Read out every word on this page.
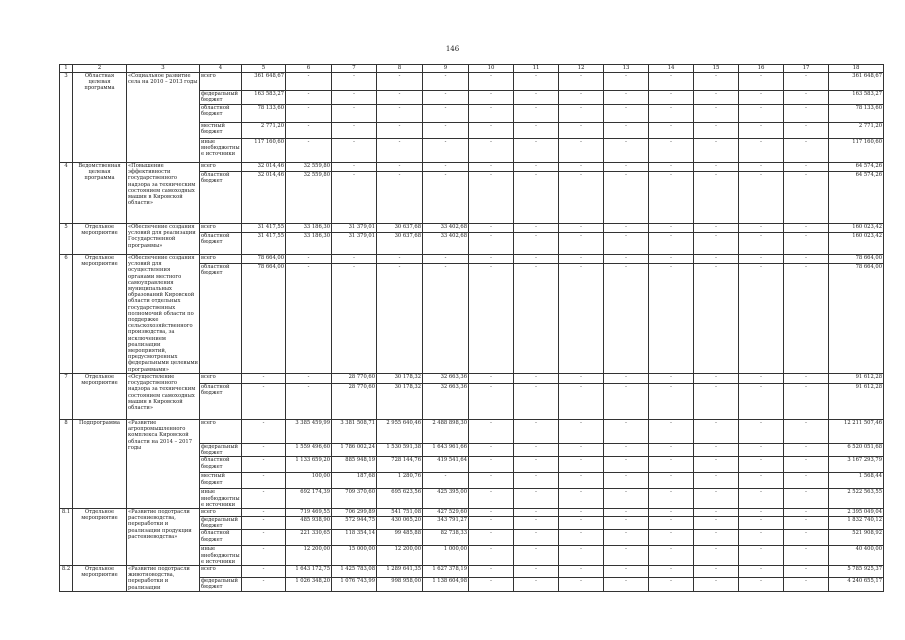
146
1	2	3	4	5	6	7	8	9	10	11	12	13	14	15	16	17	18
3	Областная целевая программа	«Социальное развитие села на 2010 – 2013 годы	всего	361 648,67	-	-	-	-	-	-	-	-	-	-	-	-	361 648,67
			федеральный бюджет	163 583,27	-	-	-	-	-	-	-	-	-	-	-	-	163 583,27
			областной бюджет	78 133,60	-	-	-	-	-	-	-	-	-	-	-	-	78 133,60
			местный бюджет	2 771,20	-	-	-	-	-	-	-	-	-	-	-	-	2 771,20
			иные внебюджетные источники	117 160,60	-	-	-	-	-	-	-	-	-	-	-	-	117 160,60
4	Ведомственная целевая программа	«Повышение эффективности государственного надзора за техническим состоянием самоходных машин в Кировской области»	всего	32 014,46	32 559,80	-	-	-	-	-	-	-	-	-	-	-	64 574,26
			областной бюджет	32 014,46	32 559,80	-	-	-	-	-	-	-	-	-	-	-	64 574,26
5	Отдельное мероприятие	«Обеспечение создания условий для реализации Государственной программы»	всего	31 417,55	33 186,30	31 379,01	30 637,68	33 402,68	-	-	-	-	-	-	-	-	160 023,42
			областной бюджет	31 417,55	33 186,30	31 379,01	30 637,68	33 402,68	-	-	-	-	-	-	-	-	160 023,42
6	Отдельное мероприятие	«Обеспечение создания условий для осуществления органами местного самоуправления муниципальных образований Кировской области отдельных государственных полномочий области по поддержке сельскохозяйственного производства, за исключением реализации мероприятий, предусмотренных федеральными целевыми программами»	всего	78 664,00	-	-	-	-	-	-	-	-	-	-	-	-	78 664,00
			областной бюджет	78 664,00	-	-	-	-	-	-	-	-	-	-	-	-	78 664,00
7	Отдельное мероприятие	«Осуществление государственного надзора за техническим состоянием самоходных машин в Кировской области»	всего	-	-	28 770,60	30 178,32	32 663,36	-	-	-	-	-	-	-	-	91 612,28
			областной бюджет	-	-	28 770,60	30 178,32	32 663,36	-	-	-	-	-	-	-	-	91 612,28
8	Подпрограмма	«Развитие агропромышленного комплекса Кировской области на 2014 – 2017 годы	всего	-	3 385 459,99	3 381 508,71	2 955 640,46	2 488 898,30	-	-	-	-	-	-	-	-	12 211 507,46
			федеральный бюджет	-	1 559 496,60	1 786 002,24	1 530 591,38	1 643 961,66	-	-	-	-	-	-	-	-	6 520 051,68
			областной бюджет	-	1 133 659,20	885 948,19	728 144,76	419 541,64	-	-	-	-	-	-	-	-	3 167 293,79
			местный бюджет	-	100,00	187,68	1 280,76	-	-	-	-	-	-	-	-	-	1 568,44
			иные внебюджетные источники	-	692 174,39	709 370,60	695 623,56	425 395,00	-	-	-	-	-	-	-	-	2 522 563,55
8.1	Отдельное мероприятие	«Развитие подотрасли растениеводства, переработки и реализации продукции растениеводства»	всего	-	719 469,55	706 299,89	541 751,08	427 529,60	-	-	-	-	-	-	-	-	2 395 049,04
			федеральный бюджет	-	485 938,90	572 944,75	430 065,20	343 791,27	-	-	-	-	-	-	-	-	1 832 740,12
			областной бюджет	-	221 330,65	118 354,14	99 485,88	82 738,33	-	-	-	-	-	-	-	-	521 908,92
			иные внебюджетные источники	-	12 200,00	15 000,00	12 200,00	1 000,00	-	-	-	-	-	-	-	-	40 400,00
8.2	Отдельное мероприятие	«Развитие подотрасли животноводства, переработки и реализации	всего	-	1 643 172,75	1 425 783,08	1 289 641,35	1 627 378,19	-	-	-	-	-	-	-	-	5 785 925,37
			федеральный бюджет	-	1 026 348,20	1 076 743,99	998 958,00	1 138 604,98	-	-	-	-	-	-	-	-	4 240 655,17
